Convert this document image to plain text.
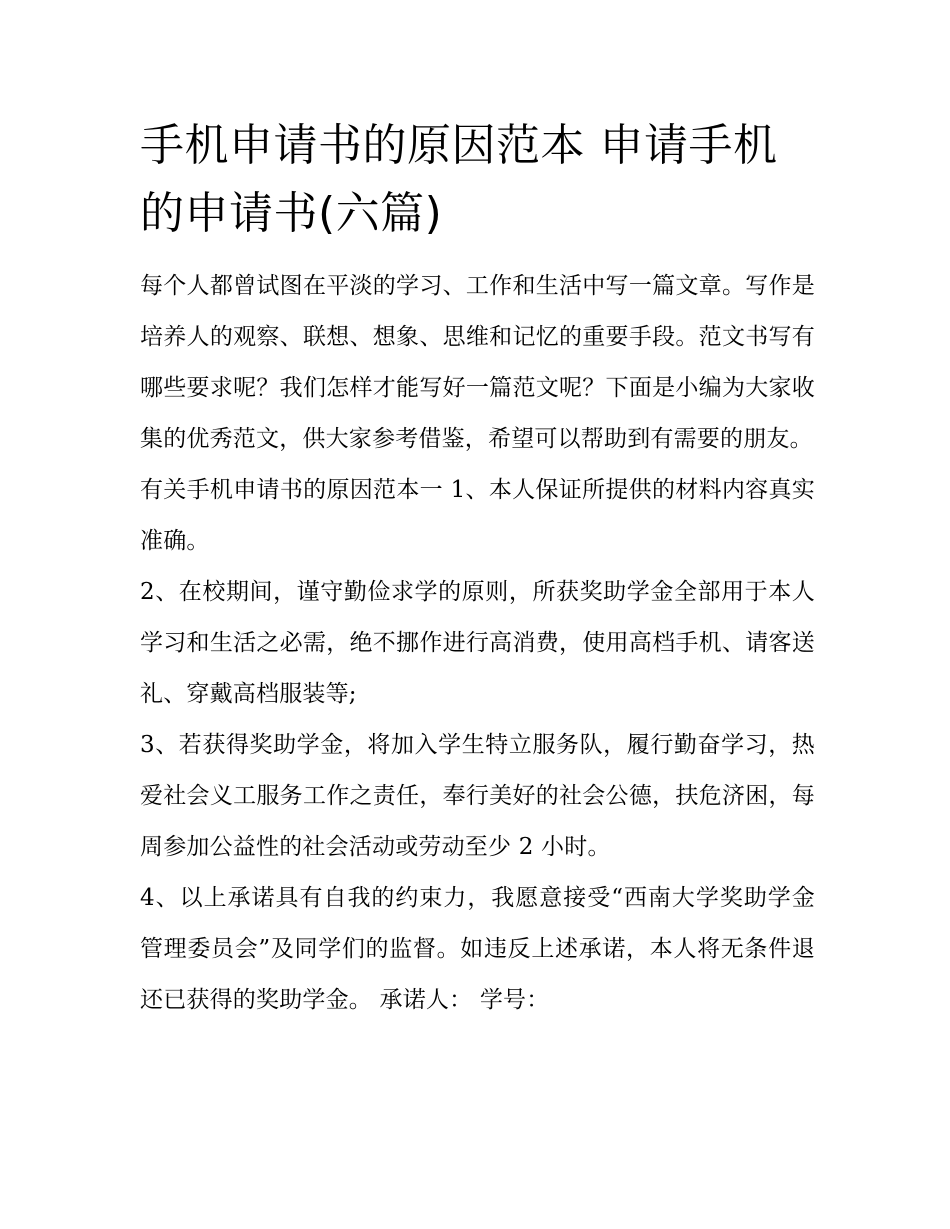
手机申请书的原因范本 申请手机的申请书(六篇)

每个人都曾试图在平淡的学习、工作和生活中写一篇文章。写作是培养人的观察、联想、想象、思维和记忆的重要手段。范文书写有哪些要求呢？我们怎样才能写好一篇范文呢？下面是小编为大家收集的优秀范文，供大家参考借鉴，希望可以帮助到有需要的朋友。

有关手机申请书的原因范本一 1、本人保证所提供的材料内容真实准确。

2、在校期间，谨守勤俭求学的原则，所获奖助学金全部用于本人学习和生活之必需，绝不挪作进行高消费，使用高档手机、请客送礼、穿戴高档服装等;

3、若获得奖助学金，将加入学生特立服务队，履行勤奋学习，热爱社会义工服务工作之责任，奉行美好的社会公德，扶危济困，每周参加公益性的社会活动或劳动至少 2 小时。

4、以上承诺具有自我的约束力，我愿意接受“西南大学奖助学金管理委员会”及同学们的监督。如违反上述承诺，本人将无条件退还已获得的奖助学金。 承诺人： 学号：
